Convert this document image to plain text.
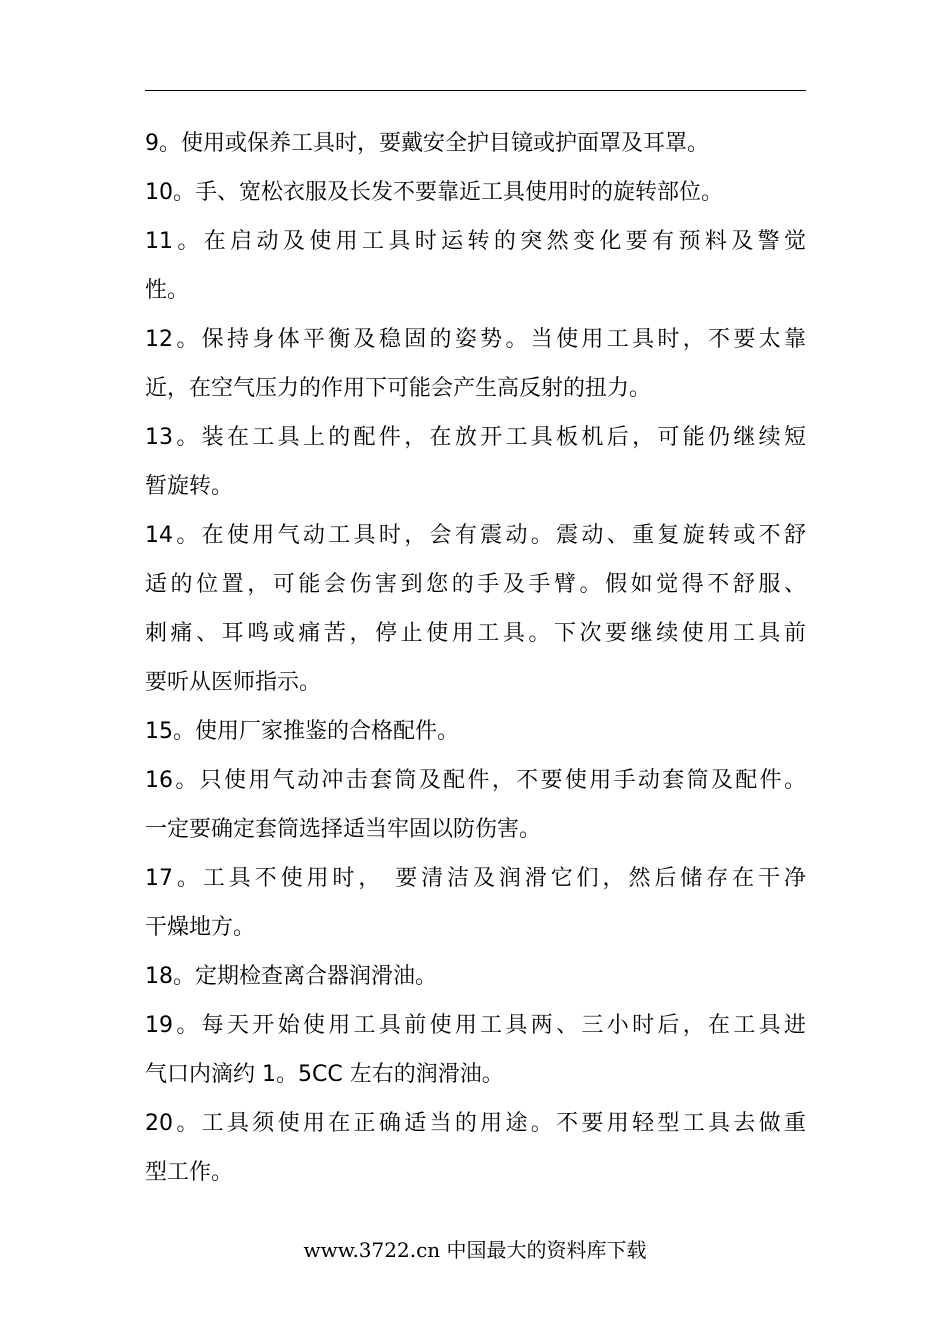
9。使用或保养工具时，要戴安全护目镜或护面罩及耳罩。
10。手、宽松衣服及长发不要靠近工具使用时的旋转部位。
11。在启动及使用工具时运转的突然变化要有预料及警觉
性。
12。保持身体平衡及稳固的姿势。当使用工具时，不要太靠
近，在空气压力的作用下可能会产生高反射的扭力。
13。装在工具上的配件，在放开工具板机后，可能仍继续短
暂旋转。
14。在使用气动工具时，会有震动。震动、重复旋转或不舒
适的位置，可能会伤害到您的手及手臂。假如觉得不舒服、
刺痛、耳鸣或痛苦，停止使用工具。下次要继续使用工具前
要听从医师指示。
15。使用厂家推鉴的合格配件。
16。只使用气动冲击套筒及配件，不要使用手动套筒及配件。
一定要确定套筒选择适当牢固以防伤害。
17。工具不使用时， 要清洁及润滑它们，然后储存在干净
干燥地方。
18。定期检查离合器润滑油。
19。每天开始使用工具前使用工具两、三小时后，在工具进
气口内滴约 1。5CC 左右的润滑油。
20。工具须使用在正确适当的用途。不要用轻型工具去做重
型工作。
www.3722.cn 中国最大的资料库下载
